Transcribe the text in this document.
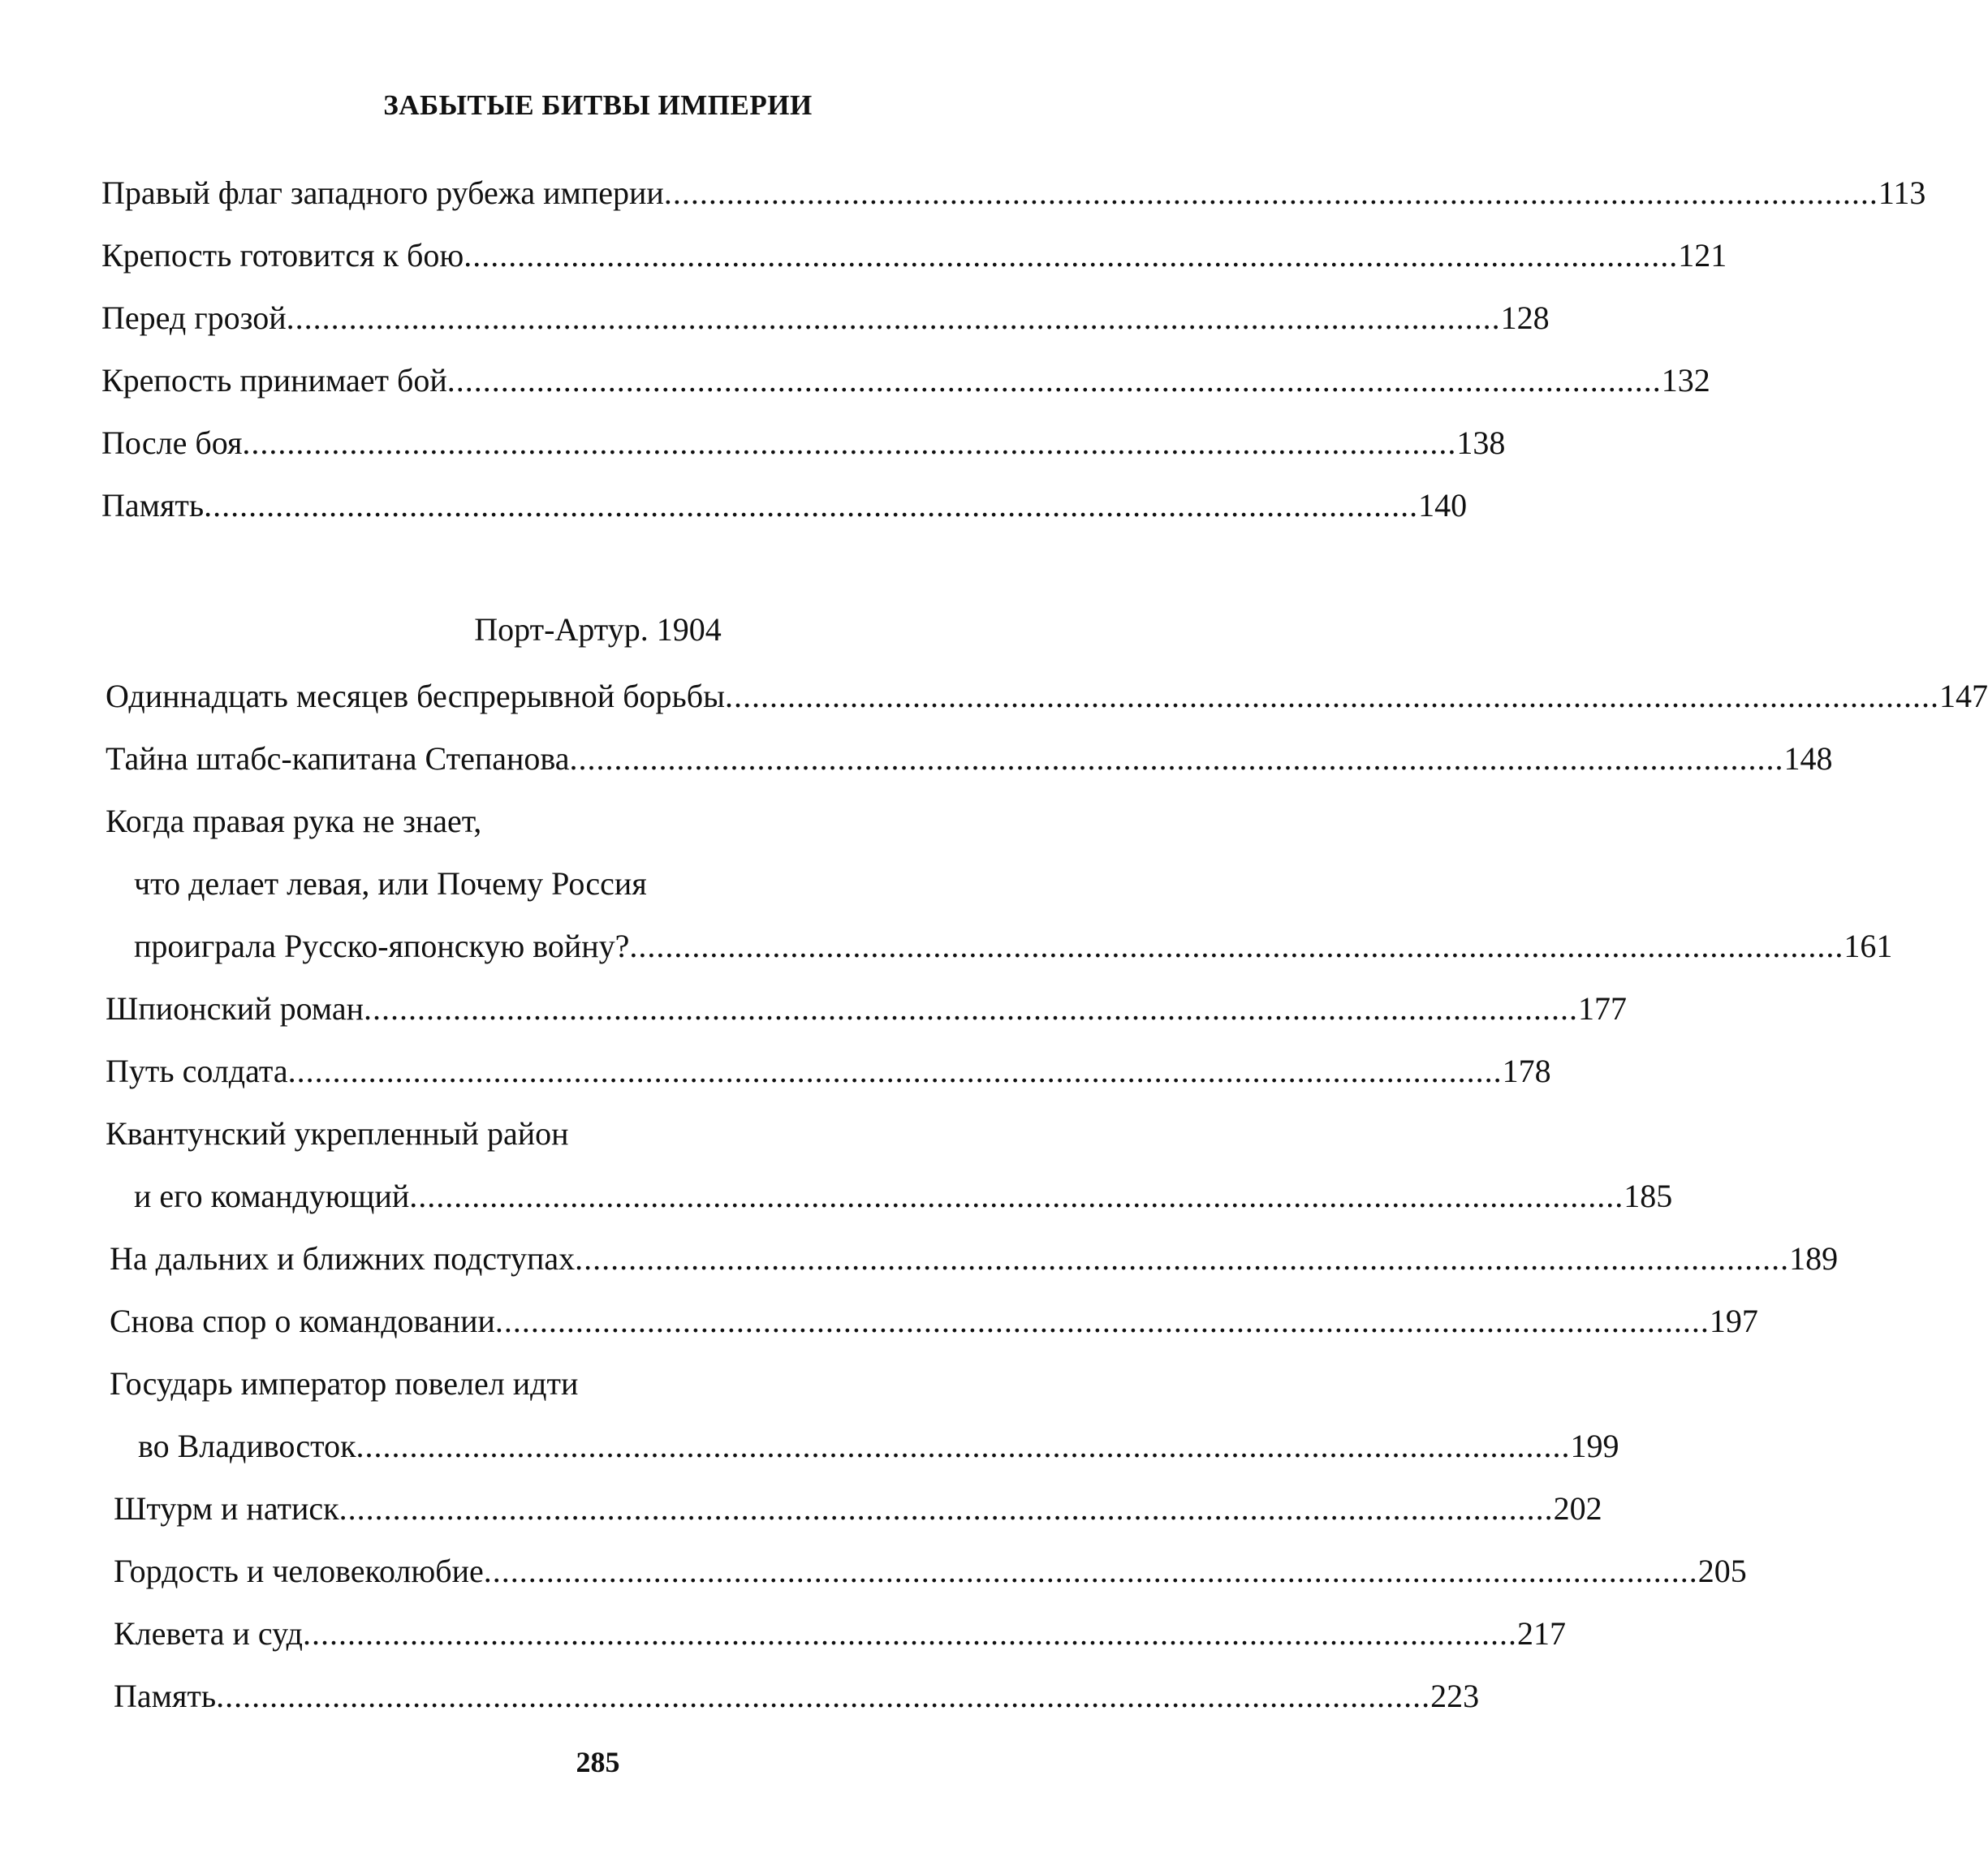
ЗАБЫТЫЕ БИТВЫ ИМПЕРИИ
Правый флаг западного рубежа империи ........................................................................................................................................ 113
Крепость готовится к бою ........................................................................................................................................ 121
Перед грозой ........................................................................................................................................ 128
Крепость принимает бой ........................................................................................................................................ 132
После боя ........................................................................................................................................ 138
Память ........................................................................................................................................ 140
Порт-Артур. 1904
Одиннадцать месяцев беспрерывной борьбы ........................................................................................................................................ 147
Тайна штабс-капитана Степанова ........................................................................................................................................ 148
Когда правая рука не знает,
что делает левая, или Почему Россия
проиграла Русско-японскую войну? ........................................................................................................................................ 161
Шпионский роман ........................................................................................................................................ 177
Путь солдата ........................................................................................................................................ 178
Квантунский укрепленный район
и его командующий ........................................................................................................................................ 185
На дальних и ближних подступах ........................................................................................................................................ 189
Снова спор о командовании ........................................................................................................................................ 197
Государь император повелел идти
во Владивосток ........................................................................................................................................ 199
Штурм и натиск ........................................................................................................................................ 202
Гордость и человеколюбие ........................................................................................................................................ 205
Клевета и суд ........................................................................................................................................ 217
Память ........................................................................................................................................ 223
285
